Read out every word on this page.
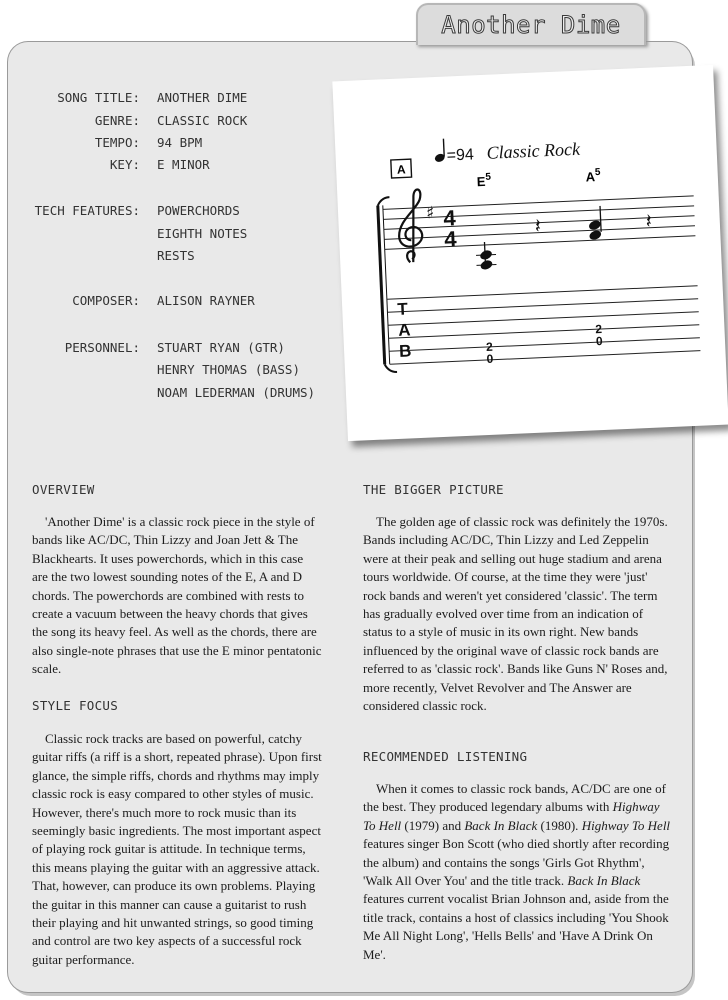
Another Dime
SONG TITLE: ANOTHER DIME
GENRE: CLASSIC ROCK
TEMPO: 94 BPM
KEY: E MINOR
TECH FEATURES: POWERCHORDS
EIGHTH NOTES
RESTS
COMPOSER: ALISON RAYNER
PERSONNEL: STUART RYAN (GTR)
HENRY THOMAS (BASS)
NOAM LEDERMAN (DRUMS)
=94 Classic Rock
A
$E^5$	$A^5$
♯ 4
4
𝄽	𝄽
T
A
B	2
0
2
0
OVERVIEW

'Another Dime' is a classic rock piece in the style of bands like AC/DC, Thin Lizzy and Joan Jett & The Blackhearts. It uses powerchords, which in this case are the two lowest sounding notes of the E, A and D chords. The powerchords are combined with rests to create a vacuum between the heavy chords that gives the song its heavy feel. As well as the chords, there are also single-note phrases that use the E minor pentatonic scale.

STYLE FOCUS

Classic rock tracks are based on powerful, catchy guitar riffs (a riff is a short, repeated phrase). Upon first glance, the simple riffs, chords and rhythms may imply classic rock is easy compared to other styles of music. However, there's much more to rock music than its seemingly basic ingredients. The most important aspect of playing rock guitar is attitude. In technique terms, this means playing the guitar with an aggressive attack. That, however, can produce its own problems. Playing the guitar in this manner can cause a guitarist to rush their playing and hit unwanted strings, so good timing and control are two key aspects of a successful rock guitar performance.

THE BIGGER PICTURE

The golden age of classic rock was definitely the 1970s. Bands including AC/DC, Thin Lizzy and Led Zeppelin were at their peak and selling out huge stadium and arena tours worldwide. Of course, at the time they were 'just' rock bands and weren't yet considered 'classic'. The term has gradually evolved over time from an indication of status to a style of music in its own right. New bands influenced by the original wave of classic rock bands are referred to as 'classic rock'. Bands like Guns N' Roses and, more recently, Velvet Revolver and The Answer are considered classic rock.

RECOMMENDED LISTENING

When it comes to classic rock bands, AC/DC are one of the best. They produced legendary albums with Highway To Hell (1979) and Back In Black (1980). Highway To Hell features singer Bon Scott (who died shortly after recording the album) and contains the songs 'Girls Got Rhythm', 'Walk All Over You' and the title track. Back In Black features current vocalist Brian Johnson and, aside from the title track, contains a host of classics including 'You Shook Me All Night Long', 'Hells Bells' and 'Have A Drink On Me'.
